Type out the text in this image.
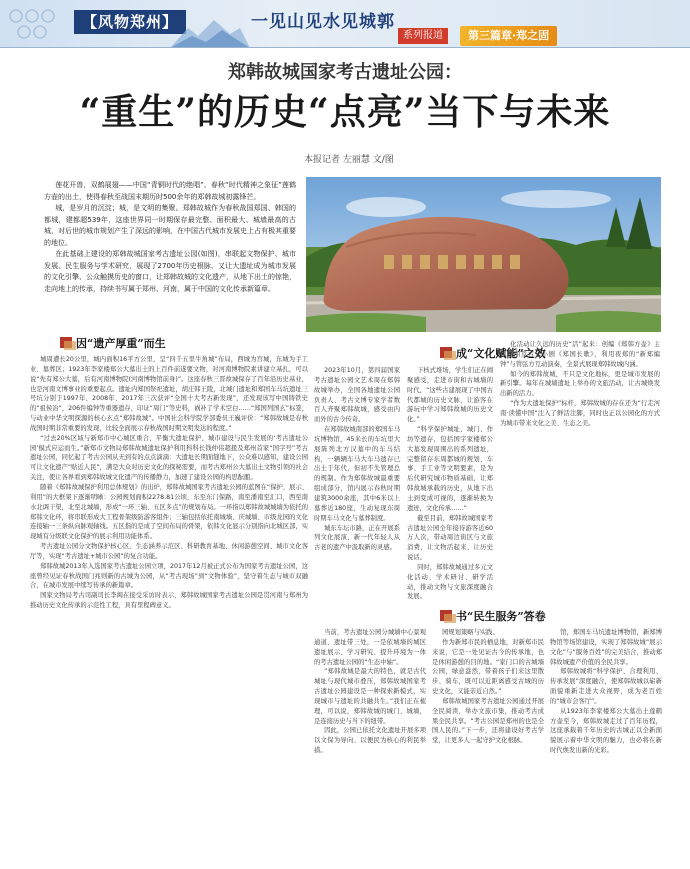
【风物郑州】	一见山见水见城郭
系列报道	第三篇章·郑之固
郑韩故城国家考古遗址公园：
“重生”的历史“点亮”当下与未来
本报记者 左丽慧 文/图

莲花开兽，双鹤展翅——中国“青铜时代的绝唱”、春秋“时代精神之象征”莲鹤方壶的出土，使得春秋至战国末期历时500余年的郑韩故城初露锋芒。

城，是岁月的沉淀；城，是文明的集聚。郑韩故城作为春秋战国郑国、韩国的都城，建都超539年，这座世界同一时期保存最完整、面积最大、城墙最高的古城，对后世的城市规划产生了深远的影响，在中国古代城市发展史上占有极其重要的地位。

在此基础上建设的郑韩故城国家考古遗址公园(如图)，串联起文物保护、城市发展、民生服务与学术研究，展现了2700年历史根脉，又让大遗址成为城市发展的文化引擎、公众触摸历史的窗口，让郑韩故城的文化遗产，从地下出土的惊艳，走向地上的传承，持续书写属于郑州、河南，属于中国的文化传承新篇章。

因“遗产厚重”而生
成“文化赋能”之效
书“民生服务”答卷

城周遭长20公里，城内面积16平方公里，呈“四千五里牛角城”布局，西城为宫城，东城为手工业、墓葬区；1923年李家楼郑公大墓出土的上百件前遂要文物，对河南博物院素讲建立基扎，可以说“先有郑公大墓，后有河南博物院(河南博物馆前身)”。这座春秋三晋故城保存了百年沿历史基业，也是河南文博事业的重要起点。遗址内郑国祭祀遗址，胡庄韩王陵，北城门遗址和郑国车马坑遗址三号坑分别于1997年、2008年、2017年三次获评“全国十大考古新发现”，还发现该写中国铸铁史的“祖侯冶”，206件编钟等重器遗存，印证“周门”等史料，祸补了学术空白……“郑国列国玄”标签，与动业中华文明探源的核心玄点“郑韩故城”。中国社会科学院学部委员王巍评价：“郑韩故城是春秋战国时期非常重要的发现，比较全面展示春秋战国时期文明发达的程度。”

“过去20%区域与新郑市中心城区重合，平衡大遗址保护、城市建设与民生发展的‘考古遗址公园’模式应运而生。”新郑市文物局郑韩故城遗址保护利用科科长钱仲伟超援及郑州首家“国字号”考古遗址公园，同忆起了考古公园从无到有的点点滴滴：大遗址长期面缝地下，公众难以感知，建设公园可让文化遗产“贴近人民”，满是大众对历史文化的探秘需要，而考古郑州公大墓出土文物引领的社会关注，使让各界看到郑韩故城文化遗产的传播静力，加速了建设公园的构思酝酿。

随着《郑韩故城保护利用总体规划》的出炉，郑韩故城国家考古遗址公园的蓝图在“保护、展示、利用”的大框架下逐渐明晰：公园规划面积2278.81公顷，东至东门保路，南至潘南至汇口，西至南水北调干渠，北至北城墙，形成“一环三轴、五区多点”的规划布局。一环指以郑韩故城城墙为依托的郑韩文化环，将串联形成大工程骨架级防游客组件；三轴包括依托南城墙、庆城墙、市级龙园的文化连接轴一三条纵向脉观轴线。五区指的是成了空间布局的骨架，依韩文化显示分别指向北城区部，实现城有分级联文化保护的展示利用功能体系。

考古遗址公园分文物保护核心区、生态涵养示范区、科研教育基地、休闲游憩空间、城市文化客厅等，实现“考古遗址+城市公园”的复合功能。

郑韩故城2013年入选国家考古遗址公园立项，2017年12月被正式公布为国家考古遗址公园，这座曾经见证春秋战国门兆则新的古城为公园，从“考古现场”到“文物体验”，坚守着生态与城市双融合，在城市发展中续写传承的新篇章。

国家文物局考古司副司长李闽在接受采访时表示，郑韩故城国家考古遗址公园是贯河南与郑州为推动历史文化传承的示范性工程，具有里程碑意义。

2023年10月，第四届国家考古遗址公园文艺术周在郑韩故城举办，全国各地遗址公园负责人、考古文博专家学者数百人齐聚郑韩故城，感受由内而外的古今传奇。

在郑韩故城南部的郑国车马坑博物馆，45米长的车坑里大展陈列北方汉墓中的车马结构，一辆辆车马大车马遗存已出土于年代，但初不失管理总的规制。作为郑韩故城最重要组成部分，馆内展示春秋时期建筑3000余座，其中6米以上墓葬近180座，生动复现东周时期车马文化与墓葬制度。

城东车坛市路，正在开展系列文化展演，新一代年轻人从古老的遗产中汲取新的灵感。

下核式堆场，学生们正在闹聚感受，走进市街和古城墙的时代，“这些古建展现了中国古代都城的历史文脉，让游客在游玩中学习郑韩故城的历史文化。”

“科学保护城址、城门、作坊等遗存，包括国宇家楼郑公大墓发现周围出的系列遗址，完整留存东周都城的规划、车事、手工业等文明要素，是为后代研究城市物质基础，让郑韩故城承载的历史，从地下出土到变成可视的，逐渐转换为遗迹，文化传承……”

截至目前，郑韩故城国家考古遗址公园全年接待游客近60万人次，带动周边街区与文旅消费，让文物活起来、让历史说话。

同时，郑韩故城通过多元文化活动、学术研讨、研学活动，推动文物与文旅深度融合发展。

化活动让久远的历史“活”起来：创编《郑韩方壶》主题歌曲及古乐小剧《郑国长歌》，利用夜郑的“新郑编钟”与管弦方互动演奏，全景式展现郑韩故城内涵。

如今的郑韩故城，不只是文化地标，更是城市发展的新引擎。每年在城墙遗址上举办的文旅活动，让古城焕发出新的活力。

“作为大遗址保护”标杆，郑韩故城的存在还为“行走河南·读懂中国”注入了鲜活注脚，同时也正以公园化的方式为城市带来文化之美、生态之美。

当前，考古遗址公园分城墙中心景观通道、遗址带三处，一是依城墙的城区遗址展示、学习研究、提升环境为一体的考古遗址公园的“生态中轴”。

“郑韩故城是最大的特色，就是古代城址与现代城市叠压，郑韩故城国家考古遗址公园建设是一种探索新模式，实现城市与遗址的共融共生。”我们正在梳理，可以说，郑韩故城的城门、城墙，是连接历史与当下的纽带。

因此，公园已依托文化遗址开展多项以文保为导向、以便民为核心的利民举措。

园规划策略与实践。

作为新郑市民的栖息地，对新郑市民来说，它是一处见证古今的传承地，也是休闲游憩的目的地。“家门口的古城墙公园，绿意盎然，带着孩子们来这里散步、骑车，既可以近距离感受古城的历史文化，又能亲近自然。”

郑韩故城国家考古遗址公园通过开展全民阅读，举办文旅市集，推动考古成果全民共享。“考古公园是郑州的也是全国人民的。”下一步，还将建设好考古学堂，让更多人一起守护文化根脉。

馆，郑国车马坑遗址博物馆，新郑博物馆等场馆建设，实现了郑韩故城“展示文化”与“服务百姓”的完美结合，推动郑韩故城遗产价值的全民共享。

郑韩故城将“科学保护、合理利用、传承发展”深度融合，使郑韩故城以崭新面貌重新走进大众视野，成为老百姓的“城市会客厅”。

从1923年李家楼郑公大墓出土莲鹤方壶至今，郑韩故城走过了百年历程，这座承载着千年历史的古城正以全新面貌展示着中华文明的魅力，也必将在新时代焕发出新的光彩。
